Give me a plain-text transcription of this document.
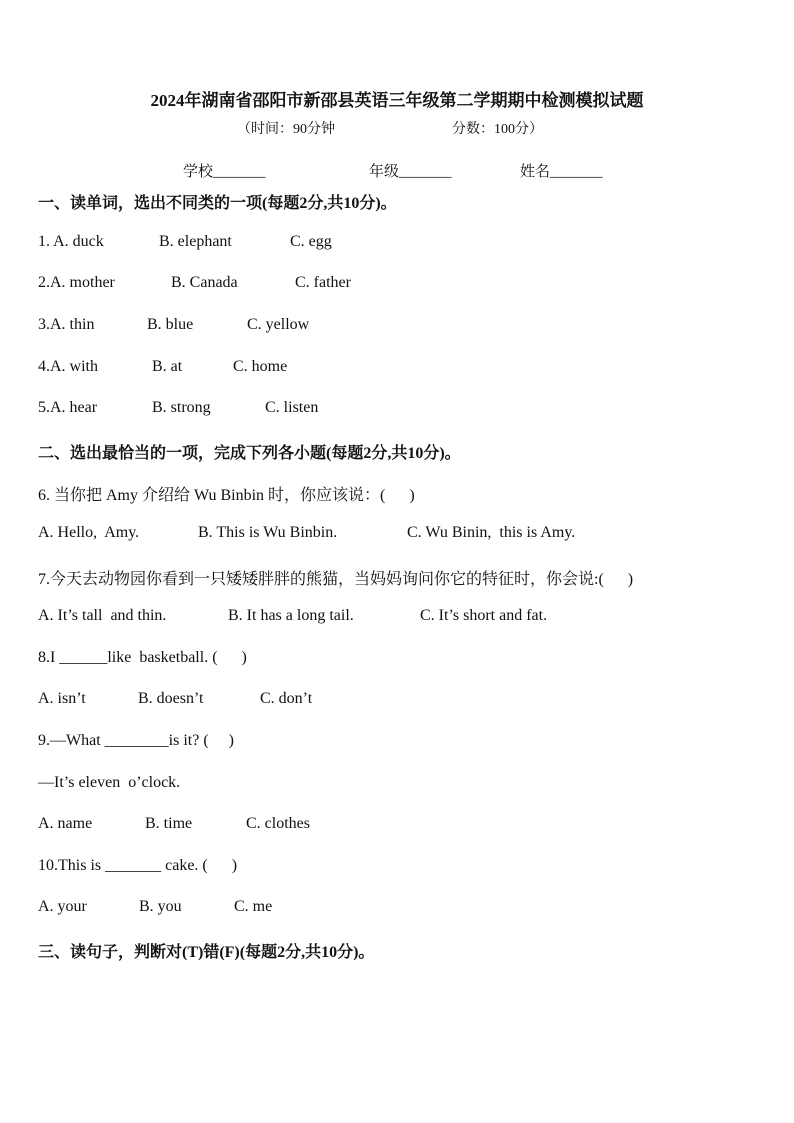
2024年湖南省邵阳市新邵县英语三年级第二学期期中检测模拟试题
（时间：90分钟	分数：100分）
学校_______	年级_______	姓名_______
一、读单词，选出不同类的一项(每题2分,共10分)。
1. A. duck	B. elephant	C. egg
2.A. mother	B. Canada	C. father
3.A. thin	B. blue	C. yellow
4.A. with	B. at	C. home
5.A. hear	B. strong	C. listen
二、选出最恰当的一项，完成下列各小题(每题2分,共10分)。
6. 当你把 Amy 介绍给 Wu Binbin 时，你应该说：(      )
A. Hello,  Amy.	B. This is Wu Binbin.	C. Wu Binin,  this is Amy.
7.今天去动物园你看到一只矮矮胖胖的熊猫，当妈妈询问你它的特征时，你会说:(      )
A. It’s tall  and thin.	B. It has a long tail.	C. It’s short and fat.
8.I ______like  basketball. (      )
A. isn’t	B. doesn’t	C. don’t
9.—What ________is it? (     )
—It’s eleven  o’clock.
A. name	B. time	C. clothes
10.This is _______ cake. (      )
A. your	B. you	C. me
三、读句子，判断对(T)错(F)(每题2分,共10分)。
